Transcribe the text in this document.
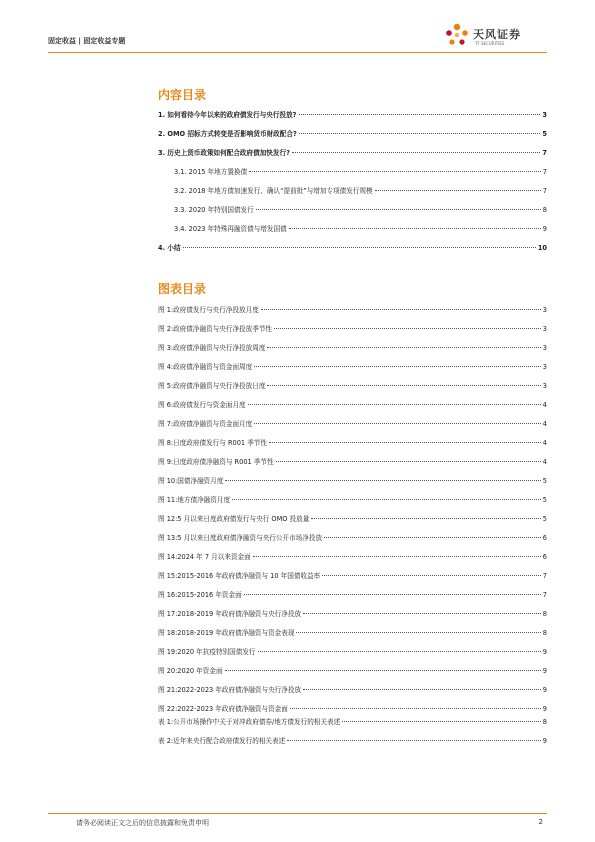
固定收益 | 固定收益专题	天风证券
TF SECURITIES
内容目录
1. 如何看待今年以来的政府债发行与央行投放?	3
2. OMO 招标方式转变是否影响货币财政配合?	5
3. 历史上货币政策如何配合政府债加快发行?	7
3.1. 2015 年地方置换债	7
3.2. 2018 年地方债加速发行、确认“提前批”与增加专项债发行规模	7
3.3. 2020 年特别国债发行	8
3.4. 2023 年特殊再融资债与增发国债	9
4. 小结	10
图表目录
图 1:政府债发行与央行净投放月度	3
图 2:政府债净融资与央行净投放季节性	3
图 3:政府债净融资与央行净投放周度	3
图 4:政府债净融资与资金面周度	3
图 5:政府债净融资与央行净投放日度	3
图 6:政府债发行与资金面月度	4
图 7:政府债净融资与资金面月度	4
图 8:日度政府债发行与 R001 季节性	4
图 9:日度政府债净融资与 R001 季节性	4
图 10:国债净融资月度	5
图 11:地方债净融资月度	5
图 12:5 月以来日度政府债发行与央行 OMO 投放量	5
图 13:5 月以来日度政府债净融资与央行公开市场净投放	6
图 14:2024 年 7 月以来资金面	6
图 15:2015-2016 年政府债净融资与 10 年国债收益率	7
图 16:2015-2016 年资金面	7
图 17:2018-2019 年政府债净融资与央行净投放	8
图 18:2018-2019 年政府债净融资与资金表现	8
图 19:2020 年抗疫特别国债发行	9
图 20:2020 年资金面	9
图 21:2022-2023 年政府债净融资与央行净投放	9
图 22:2022-2023 年政府债净融资与资金面	9
表 1:公开市场操作中关于对冲政府债券/地方债发行的相关表述	8
表 2:近年来央行配合政府债发行的相关表述	9
请务必阅读正文之后的信息披露和免责申明	2
